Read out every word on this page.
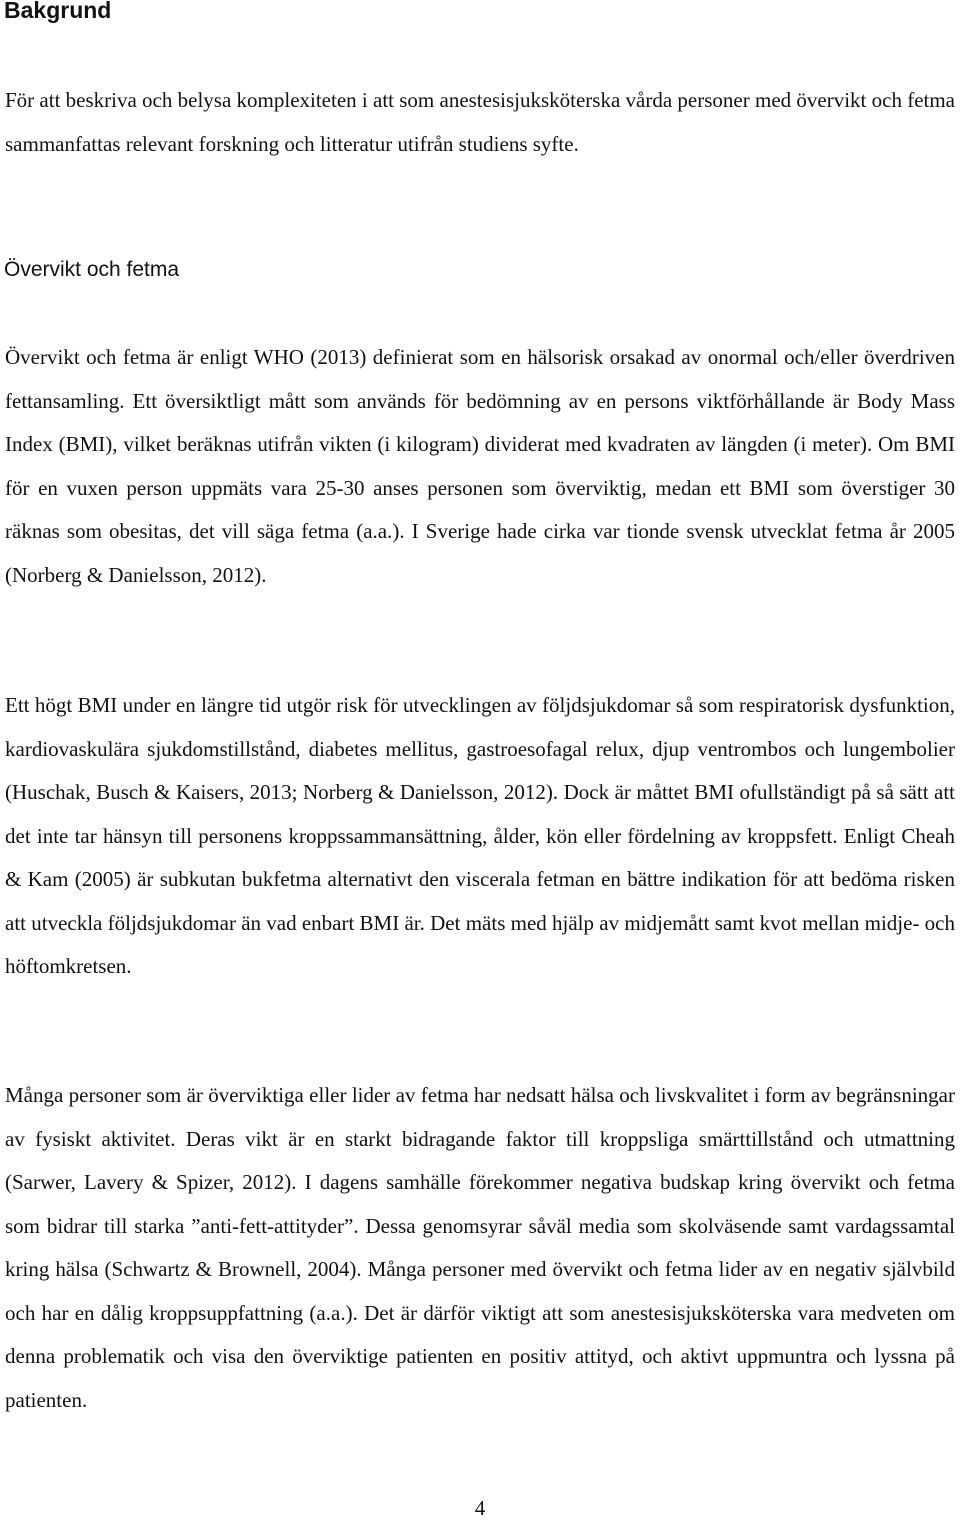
Bakgrund

För att beskriva och belysa komplexiteten i att som anestesisjuksköterska vårda personer med övervikt och fetma sammanfattas relevant forskning och litteratur utifrån studiens syfte.

Övervikt och fetma

Övervikt och fetma är enligt WHO (2013) definierat som en hälsorisk orsakad av onormal och/eller överdriven fettansamling. Ett översiktligt mått som används för bedömning av en persons viktförhållande är Body Mass Index (BMI), vilket beräknas utifrån vikten (i kilogram) dividerat med kvadraten av längden (i meter). Om BMI för en vuxen person uppmäts vara 25-30 anses personen som överviktig, medan ett BMI som överstiger 30 räknas som obesitas, det vill säga fetma (a.a.). I Sverige hade cirka var tionde svensk utvecklat fetma år 2005 (Norberg & Danielsson, 2012).

Ett högt BMI under en längre tid utgör risk för utvecklingen av följdsjukdomar så som respiratorisk dysfunktion, kardiovaskulära sjukdomstillstånd, diabetes mellitus, gastroesofagal relux, djup ventrombos och lungembolier (Huschak, Busch & Kaisers, 2013; Norberg & Danielsson, 2012). Dock är måttet BMI ofullständigt på så sätt att det inte tar hänsyn till personens kroppssammansättning, ålder, kön eller fördelning av kroppsfett. Enligt Cheah & Kam (2005) är subkutan bukfetma alternativt den viscerala fetman en bättre indikation för att bedöma risken att utveckla följdsjukdomar än vad enbart BMI är. Det mäts med hjälp av midjemått samt kvot mellan midje- och höftomkretsen.

Många personer som är överviktiga eller lider av fetma har nedsatt hälsa och livskvalitet i form av begränsningar av fysiskt aktivitet. Deras vikt är en starkt bidragande faktor till kroppsliga smärttillstånd och utmattning (Sarwer, Lavery & Spizer, 2012). I dagens samhälle förekommer negativa budskap kring övervikt och fetma som bidrar till starka ”anti-fett-attityder”. Dessa genomsyrar såväl media som skolväsende samt vardagssamtal kring hälsa (Schwartz & Brownell, 2004). Många personer med övervikt och fetma lider av en negativ självbild och har en dålig kroppsuppfattning (a.a.). Det är därför viktigt att som anestesisjuksköterska vara medveten om denna problematik och visa den överviktige patienten en positiv attityd, och aktivt uppmuntra och lyssna på patienten.

4
